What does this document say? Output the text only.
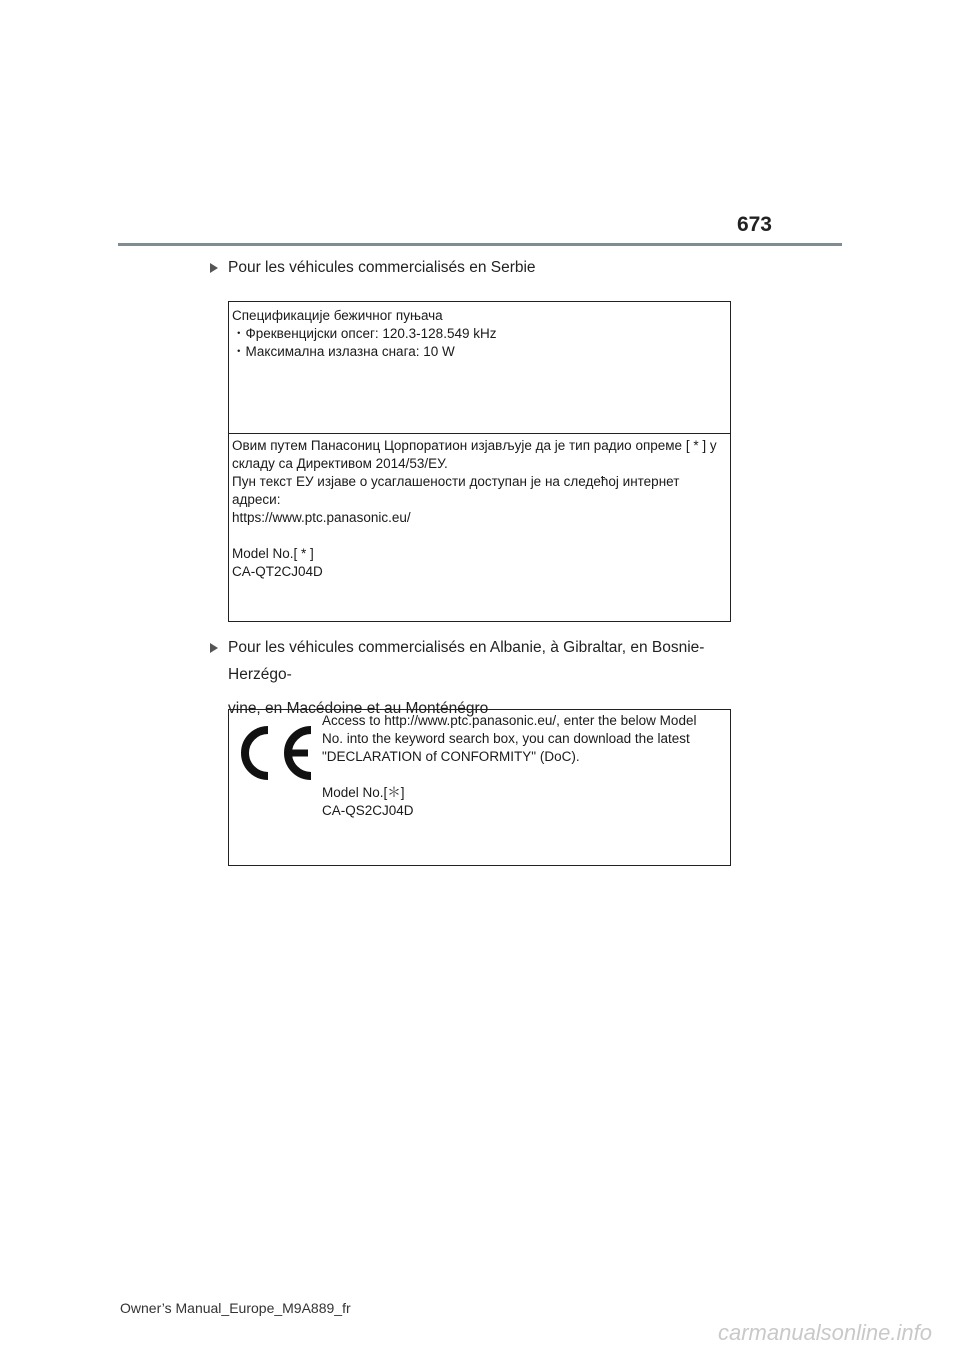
673
Pour les véhicules commercialisés en Serbie
Спецификације бежичног пуњача
・Фреквенцијски опсег: 120.3-128.549 kHz
・Максимална излазна снага: 10 W
Овим путем Панасониц Цорпоратион изјављује да је тип радио опреме [ * ] у
складу са Директивом 2014/53/ЕУ.
Пун текст ЕУ изјаве о усаглашености доступан је на следећој интернет
адреси:
https://www.ptc.panasonic.eu/
Model No.[ * ]
CA-QT2CJ04D
Pour les véhicules commercialisés en Albanie, à Gibraltar, en Bosnie-Herzégo-
vine, en Macédoine et au Monténégro
Access to http://www.ptc.panasonic.eu/, enter the below Model
No. into the keyword search box, you can download the latest
"DECLARATION of CONFORMITY" (DoC).
Model No.[＊]
CA-QS2CJ04D
Owner’s Manual_Europe_M9A889_fr
carmanualsonline.info
